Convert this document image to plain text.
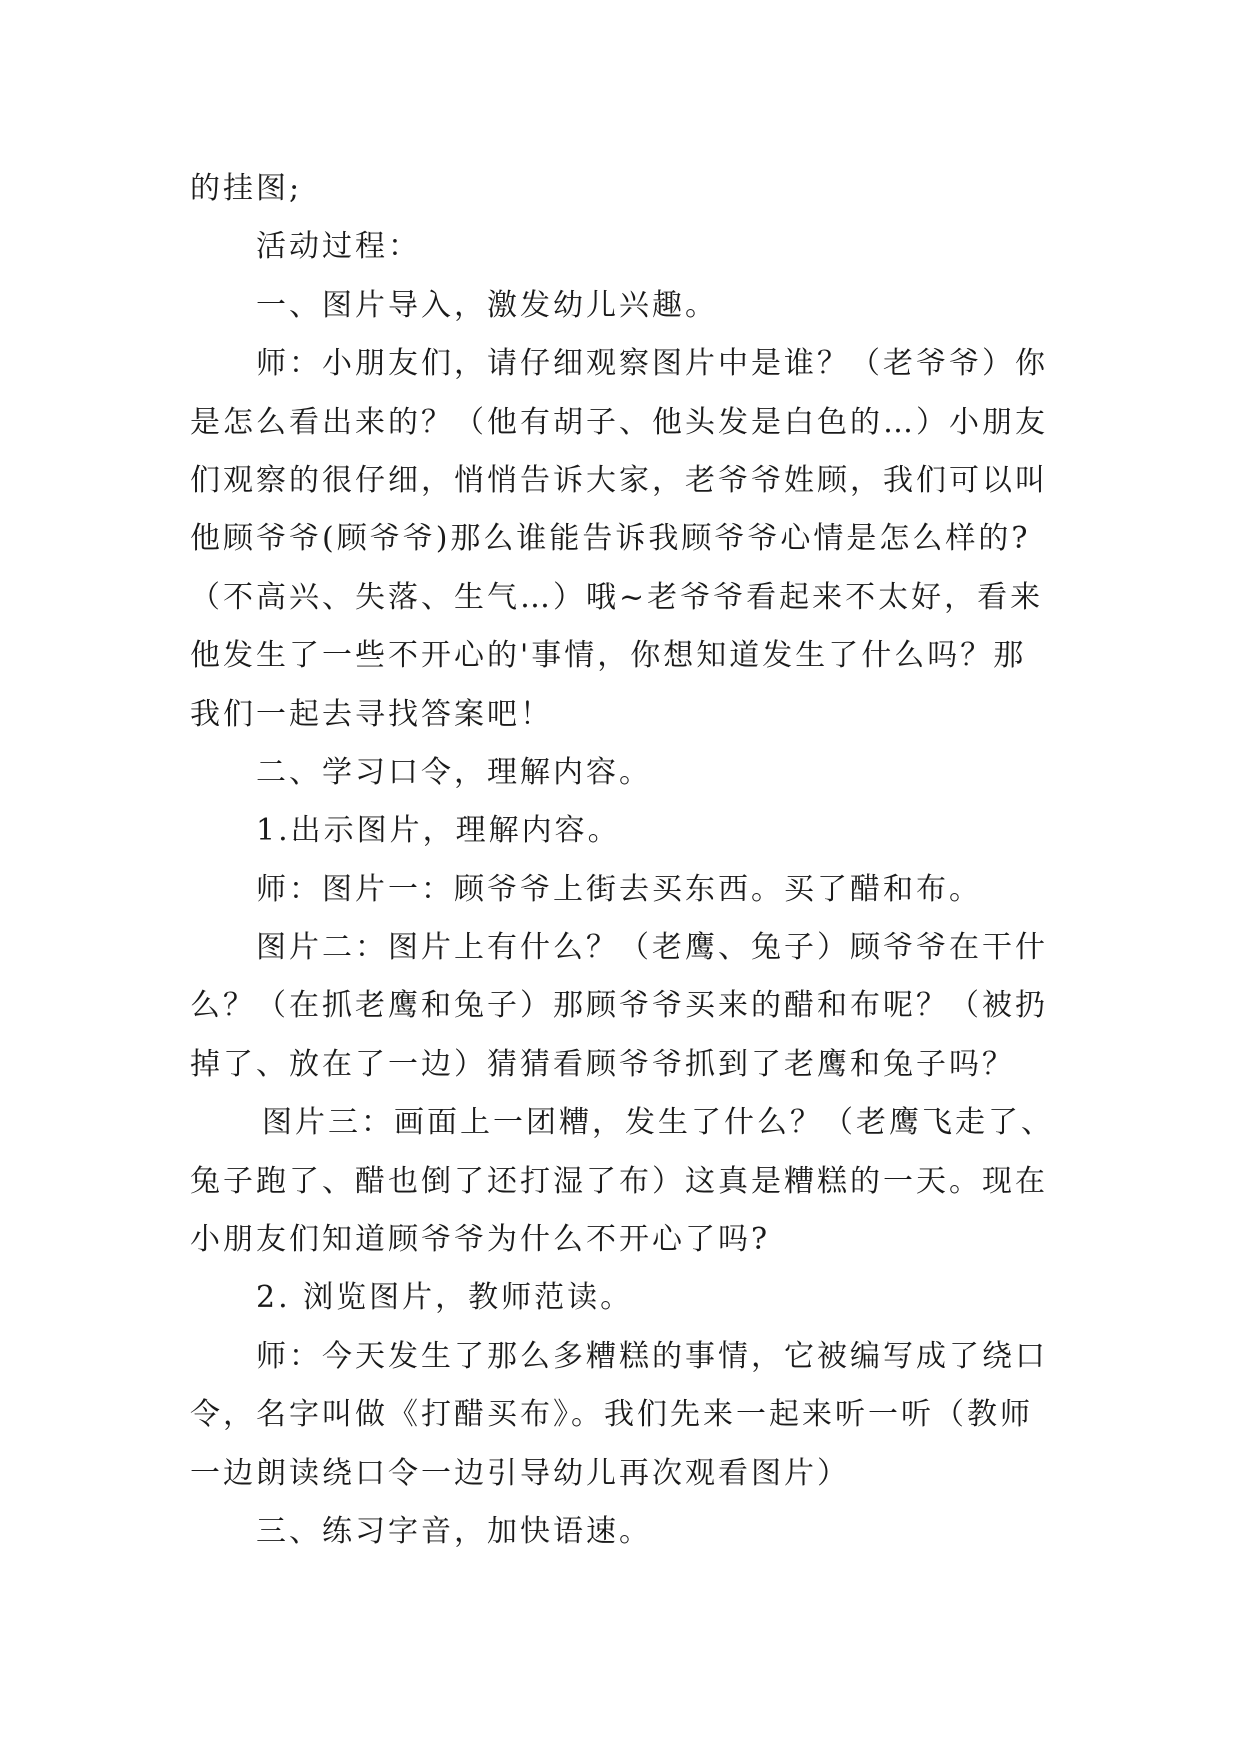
的挂图;
活动过程：
一、图片导入，激发幼儿兴趣。
师：小朋友们，请仔细观察图片中是谁？（老爷爷）你
是怎么看出来的？（他有胡子、他头发是白色的…）小朋友
们观察的很仔细，悄悄告诉大家，老爷爷姓顾，我们可以叫
他顾爷爷(顾爷爷)那么谁能告诉我顾爷爷心情是怎么样的?
（不高兴、失落、生气…）哦~老爷爷看起来不太好，看来
他发生了一些不开心的'事情，你想知道发生了什么吗？那
我们一起去寻找答案吧！
二、学习口令，理解内容。
1.出示图片，理解内容。
师：图片一：顾爷爷上街去买东西。买了醋和布。
图片二：图片上有什么？（老鹰、兔子）顾爷爷在干什
么？（在抓老鹰和兔子）那顾爷爷买来的醋和布呢？（被扔
掉了、放在了一边）猜猜看顾爷爷抓到了老鹰和兔子吗？
图片三：画面上一团糟，发生了什么？（老鹰飞走了、
兔子跑了、醋也倒了还打湿了布）这真是糟糕的一天。现在
小朋友们知道顾爷爷为什么不开心了吗?
2. 浏览图片，教师范读。
师：今天发生了那么多糟糕的事情，它被编写成了绕口
令，名字叫做《打醋买布》。我们先来一起来听一听（教师
一边朗读绕口令一边引导幼儿再次观看图片）
三、练习字音，加快语速。
